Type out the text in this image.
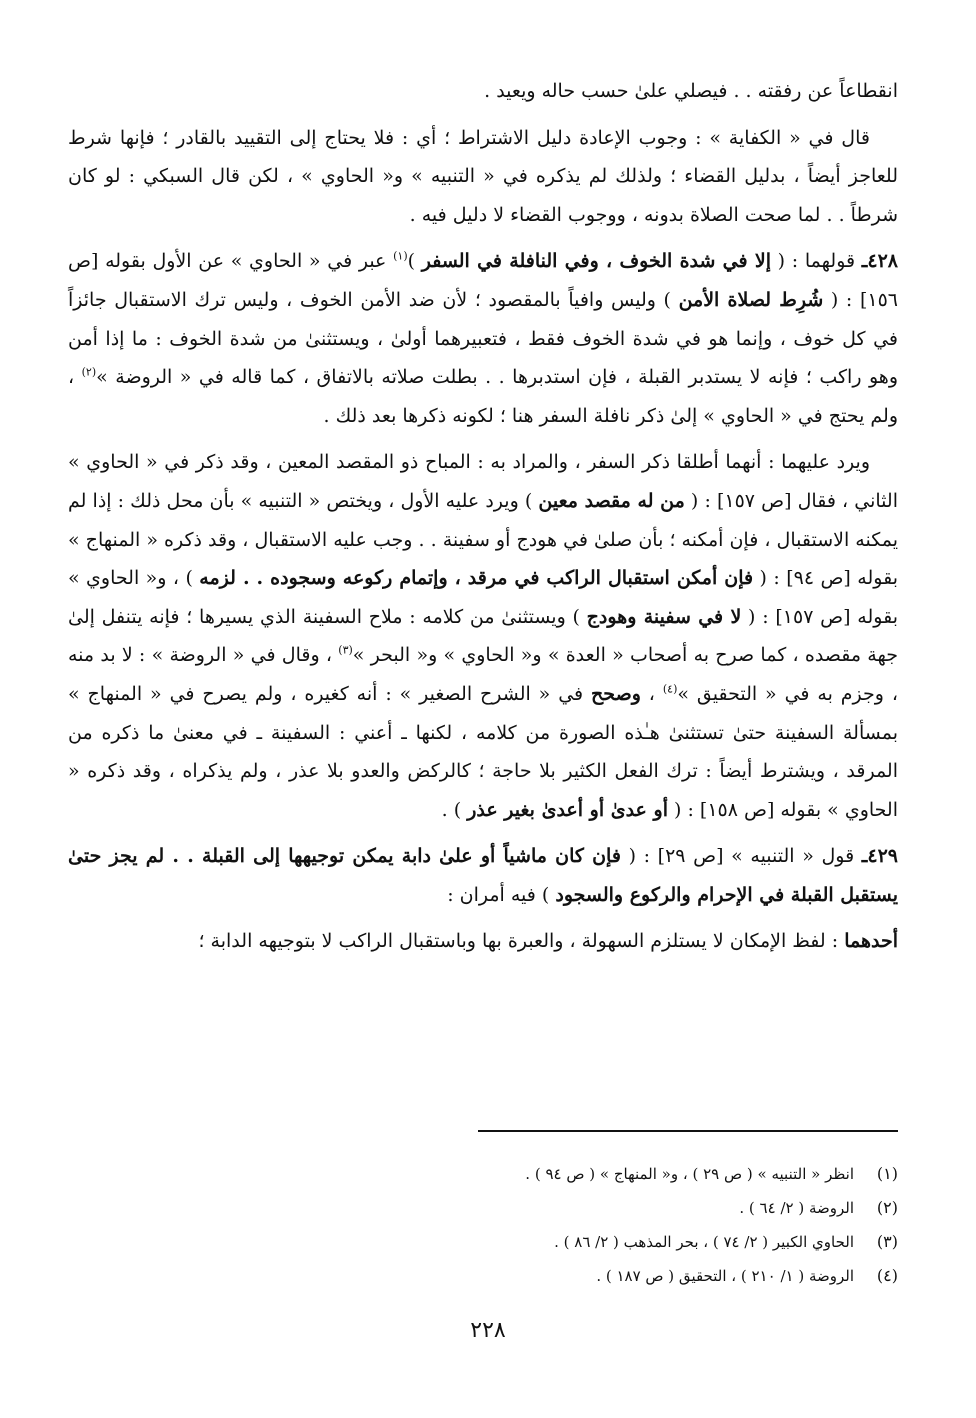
انقطاعاً عن رفقته . . فيصلي علىٰ حسب حاله ويعيد .

قال في « الكفاية » : وجوب الإعادة دليل الاشتراط ؛ أي : فلا يحتاج إلى التقييد بالقادر ؛ فإنها شرط للعاجز أيضاً ، بدليل القضاء ؛ ولذلك لم يذكره في « التنبيه » و« الحاوي » ، لكن قال السبكي : لو كان شرطاً . . لما صحت الصلاة بدونه ، ووجوب القضاء لا دليل فيه .

٤٢٨ـ قولهما : ( إلا في شدة الخوف ، وفي النافلة في السفر )$^{(١)}$ عبر في « الحاوي » عن الأول بقوله [ص ١٥٦] : ( شُرِط لصلاة الأمن ) وليس وافياً بالمقصود ؛ لأن ضد الأمن الخوف ، وليس ترك الاستقبال جائزاً في كل خوف ، وإنما هو في شدة الخوف فقط ، فتعبيرهما أولىٰ ، ويستثنىٰ من شدة الخوف : ما إذا أمن وهو راكب ؛ فإنه لا يستدبر القبلة ، فإن استدبرها . . بطلت صلاته بالاتفاق ، كما قاله في « الروضة »$^{(٢)}$ ، ولم يحتج في « الحاوي » إلىٰ ذكر نافلة السفر هنا ؛ لكونه ذكرها بعد ذلك .

ويرد عليهما : أنهما أطلقا ذكر السفر ، والمراد به : المباح ذو المقصد المعين ، وقد ذكر في « الحاوي » الثاني ، فقال [ص ١٥٧] : ( من له مقصد معين ) ويرد عليه الأول ، ويختص « التنبيه » بأن محل ذلك : إذا لم يمكنه الاستقبال ، فإن أمكنه ؛ بأن صلىٰ في هودج أو سفينة . . وجب عليه الاستقبال ، وقد ذكره « المنهاج » بقوله [ص ٩٤] : ( فإن أمكن استقبال الراكب في مرقد ، وإتمام ركوعه وسجوده . . لزمه ) ، و« الحاوي » بقوله [ص ١٥٧] : ( لا في سفينة وهودج ) ويستثنىٰ من كلامه : ملاح السفينة الذي يسيرها ؛ فإنه يتنفل إلىٰ جهة مقصده ، كما صرح به أصحاب « العدة » و« الحاوي » و« البحر »$^{(٣)}$ ، وقال في « الروضة » : لا بد منه ، وجزم به في « التحقيق »$^{(٤)}$ ، وصحح في « الشرح الصغير » : أنه كغيره ، ولم يصرح في « المنهاج » بمسألة السفينة حتىٰ تستثنىٰ هـٰذه الصورة من كلامه ، لكنها ـ أعني : السفينة ـ في معنىٰ ما ذكره من المرقد ، ويشترط أيضاً : ترك الفعل الكثير بلا حاجة ؛ كالركض والعدو بلا عذر ، ولم يذكراه ، وقد ذكره « الحاوي » بقوله [ص ١٥٨] : ( أو عدىٰ أو أعدىٰ بغير عذر ) .

٤٢٩ـ قول « التنبيه » [ص ٢٩] : ( فإن كان ماشياً أو علىٰ دابة يمكن توجيهها إلى القبلة . . لم يجز حتىٰ يستقبل القبلة في الإحرام والركوع والسجود ) فيه أمران :

أحدهما : لفظ الإمكان لا يستلزم السهولة ، والعبرة بها وباستقبال الراكب لا بتوجيهه الدابة ؛

(١)
انظر « التنبيه » ( ص ٢٩ ) ، و« المنهاج » ( ص ٩٤ ) .
(٢)
الروضة ( ٢/ ٦٤ ) .
(٣)
الحاوي الكبير ( ٢/ ٧٤ ) ، بحر المذهب ( ٢/ ٨٦ ) .
(٤)
الروضة ( ١/ ٢١٠ ) ، التحقيق ( ص ١٨٧ ) .
٢٢٨
